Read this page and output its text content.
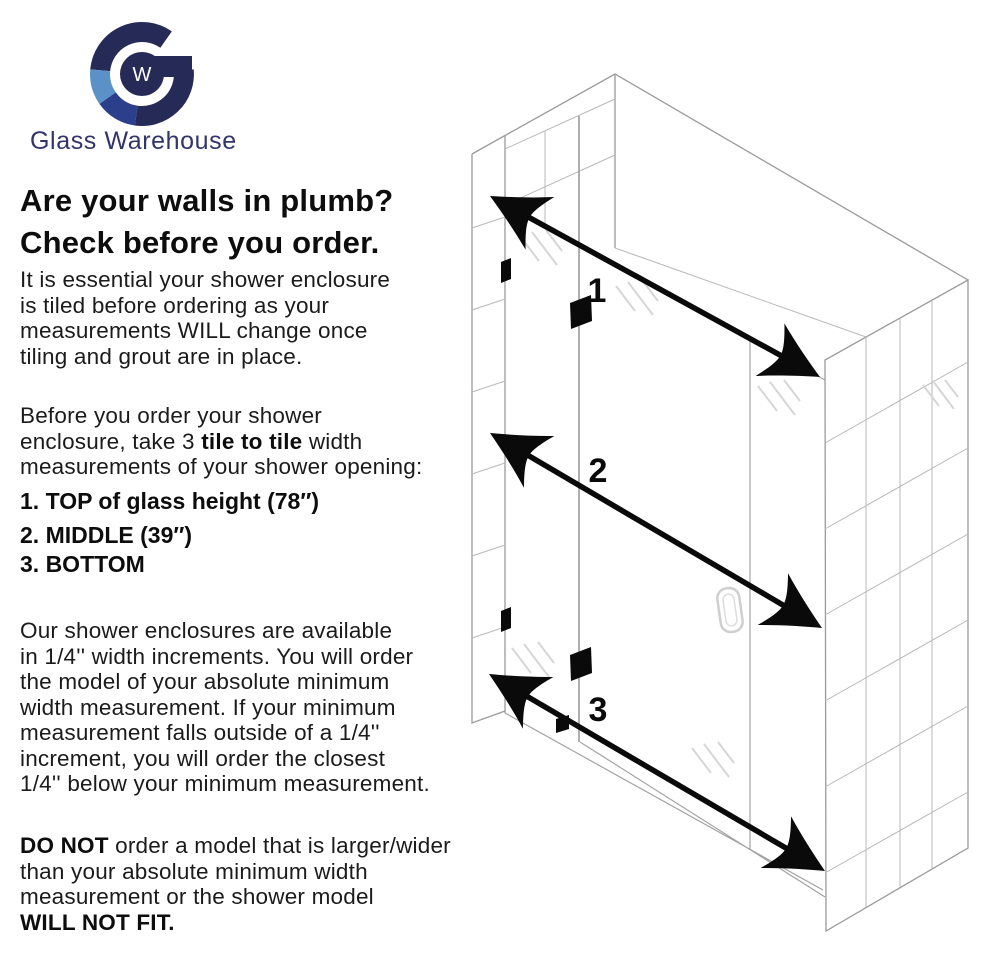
W
Glass Warehouse
Are your walls in plumb?
Check before you order.
It is essential your shower enclosure
is tiled before ordering as your
measurements WILL change once
tiling and grout are in place.
Before you order your shower
enclosure, take 3 tile to tile width
measurements of your shower opening:
1. TOP of glass height (78″)
2. MIDDLE (39″)
3. BOTTOM
Our shower enclosures are available
in 1/4'' width increments. You will order
the model of your absolute minimum
width measurement. If your minimum
measurement falls outside of a 1/4''
increment, you will order the closest
1/4'' below your minimum measurement.
DO NOT order a model that is larger/wider
than your absolute minimum width
measurement or the shower model
WILL NOT FIT.
1
2
3
